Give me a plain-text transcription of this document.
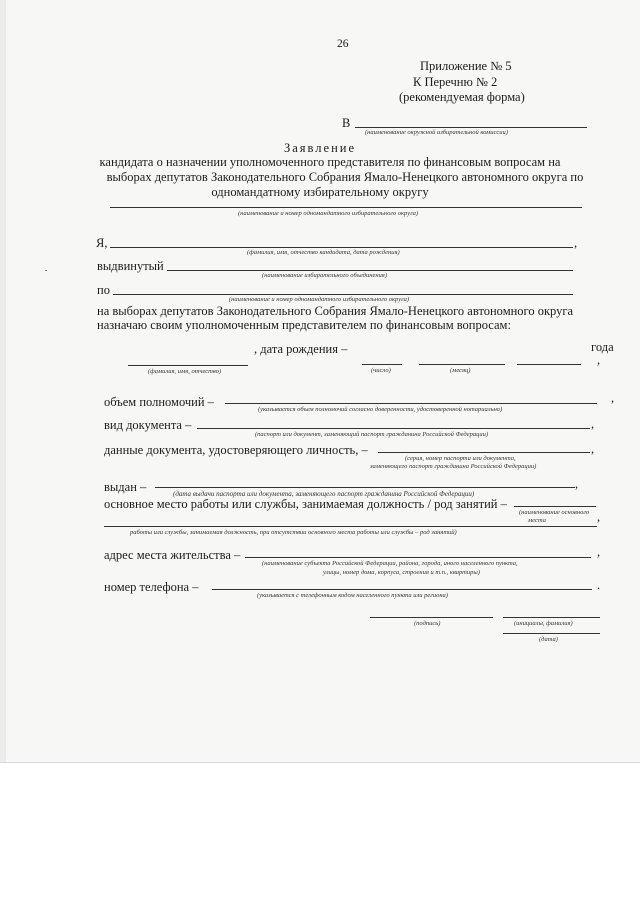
26
Приложение № 5
К Перечню № 2
(рекомендуемая форма)
В
(наименование окружной избирательной комиссии)
Заявление
кандидата о назначении уполномоченного представителя по финансовым вопросам на
выборах депутатов Законодательного Собрания Ямало-Ненецкого автономного округа по
одномандатному избирательному округу
(наименование и номер одномандатного избирательного округа)
Я,	,
(фамилия, имя, отчество кандидата, дата рождения)
выдвинутый
(наименование избирательного объединения)
по
(наименование и номер одномандатного избирательного округа)
на выборах депутатов Законодательного Собрания Ямало-Ненецкого автономного округа
назначаю своим уполномоченным представителем по финансовым вопросам:
, дата рождения –	года
,
(фамилия, имя, отчество)	(число)	(месяц)
объем полномочий –	,
(указывается объем полномочий согласно доверенности, удостоверенной нотариально)
вид документа –	,
(паспорт или документ, заменяющий паспорт гражданина Российской Федерации)
данные документа, удостоверяющего личность, –	,
(серия, номер паспорта или документа,
заменяющего паспорт гражданина Российской Федерации)
выдан –	,
(дата выдачи паспорта или документа, заменяющего паспорт гражданина Российской Федерации)
основное место работы или службы, занимаемая должность / род занятий –
(наименование основного
места	,
работы или службы, занимаемая должность, при отсутствии основного места работы или службы – род занятий)
адрес места жительства –	,
(наименование субъекта Российской Федерации, района, города, иного населенного пункта,
улицы, номер дома, корпуса, строения и т.п., квартиры)
номер телефона –	.
(указывается с телефонным кодом населенного пункта или региона)
(подпись)	(инициалы, фамилия)
(дата)
